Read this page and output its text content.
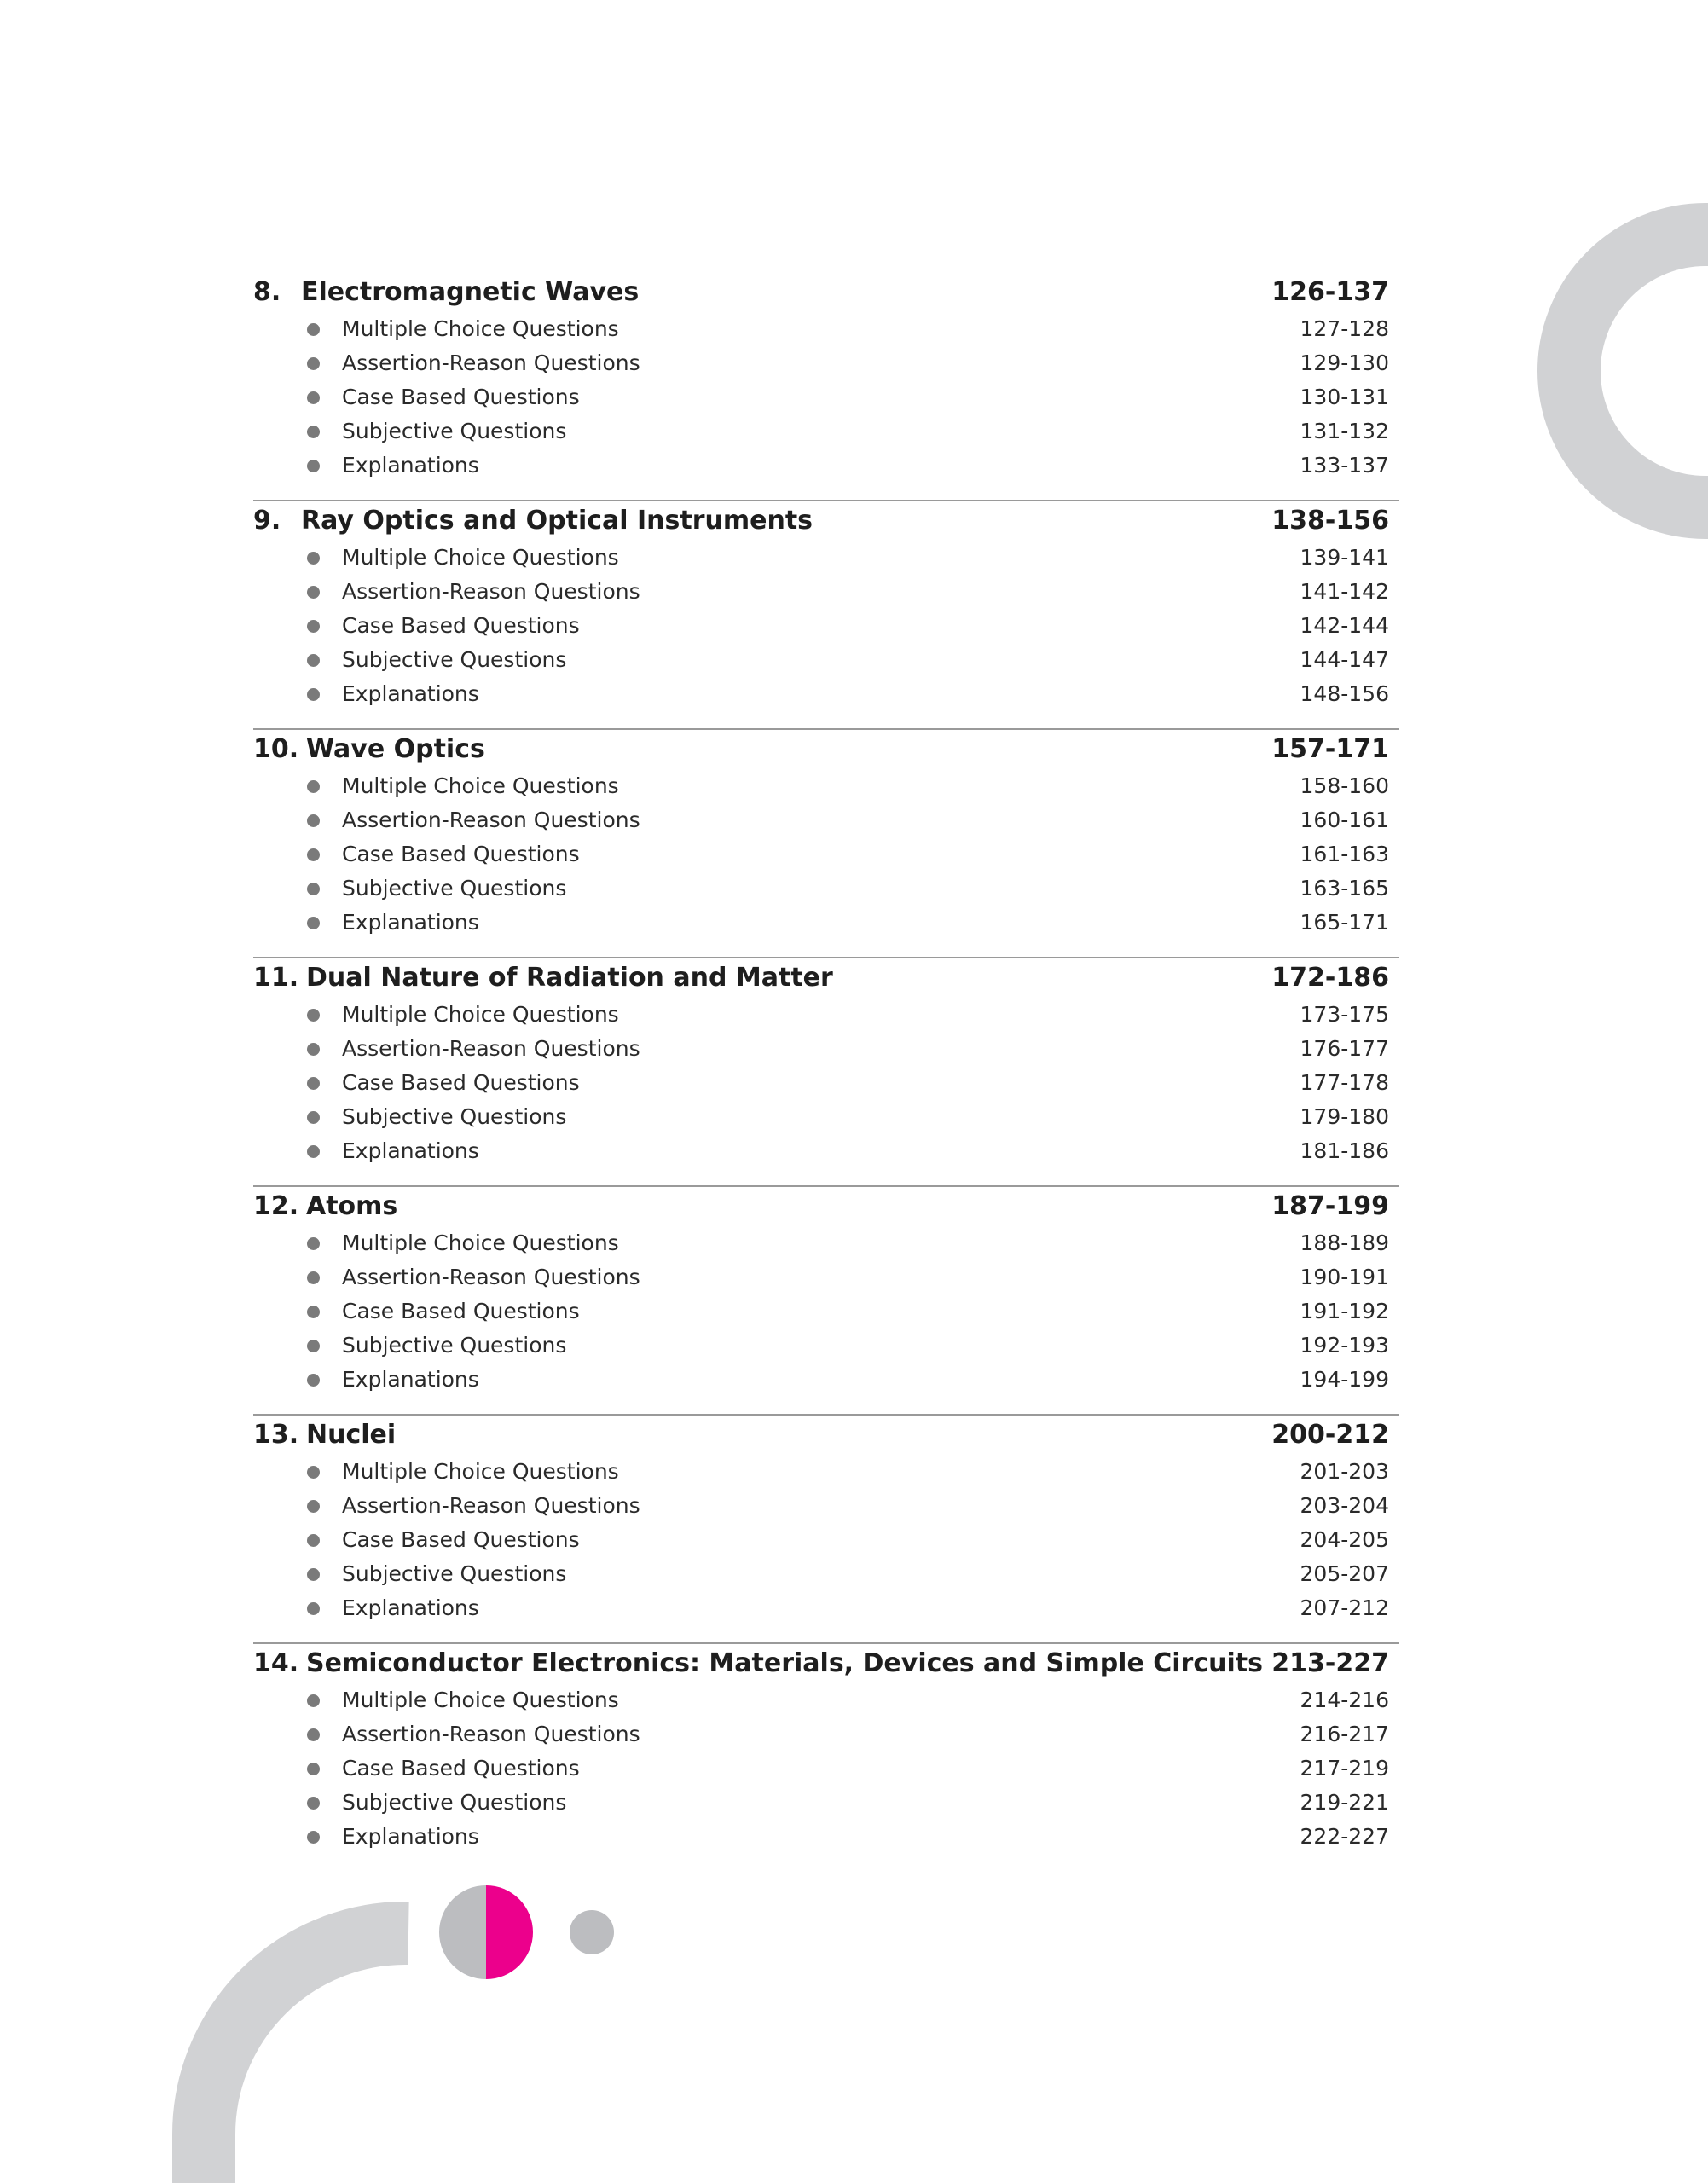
8. Electromagnetic Waves	126-137
Multiple Choice Questions	127-128
Assertion-Reason Questions	129-130
Case Based Questions	130-131
Subjective Questions	131-132
Explanations	133-137
9. Ray Optics and Optical Instruments	138-156
Multiple Choice Questions	139-141
Assertion-Reason Questions	141-142
Case Based Questions	142-144
Subjective Questions	144-147
Explanations	148-156
10. Wave Optics	157-171
Multiple Choice Questions	158-160
Assertion-Reason Questions	160-161
Case Based Questions	161-163
Subjective Questions	163-165
Explanations	165-171
11. Dual Nature of Radiation and Matter	172-186
Multiple Choice Questions	173-175
Assertion-Reason Questions	176-177
Case Based Questions	177-178
Subjective Questions	179-180
Explanations	181-186
12. Atoms	187-199
Multiple Choice Questions	188-189
Assertion-Reason Questions	190-191
Case Based Questions	191-192
Subjective Questions	192-193
Explanations	194-199
13. Nuclei	200-212
Multiple Choice Questions	201-203
Assertion-Reason Questions	203-204
Case Based Questions	204-205
Subjective Questions	205-207
Explanations	207-212
14. Semiconductor Electronics: Materials, Devices and Simple Circuits 213-227
Multiple Choice Questions	214-216
Assertion-Reason Questions	216-217
Case Based Questions	217-219
Subjective Questions	219-221
Explanations	222-227
